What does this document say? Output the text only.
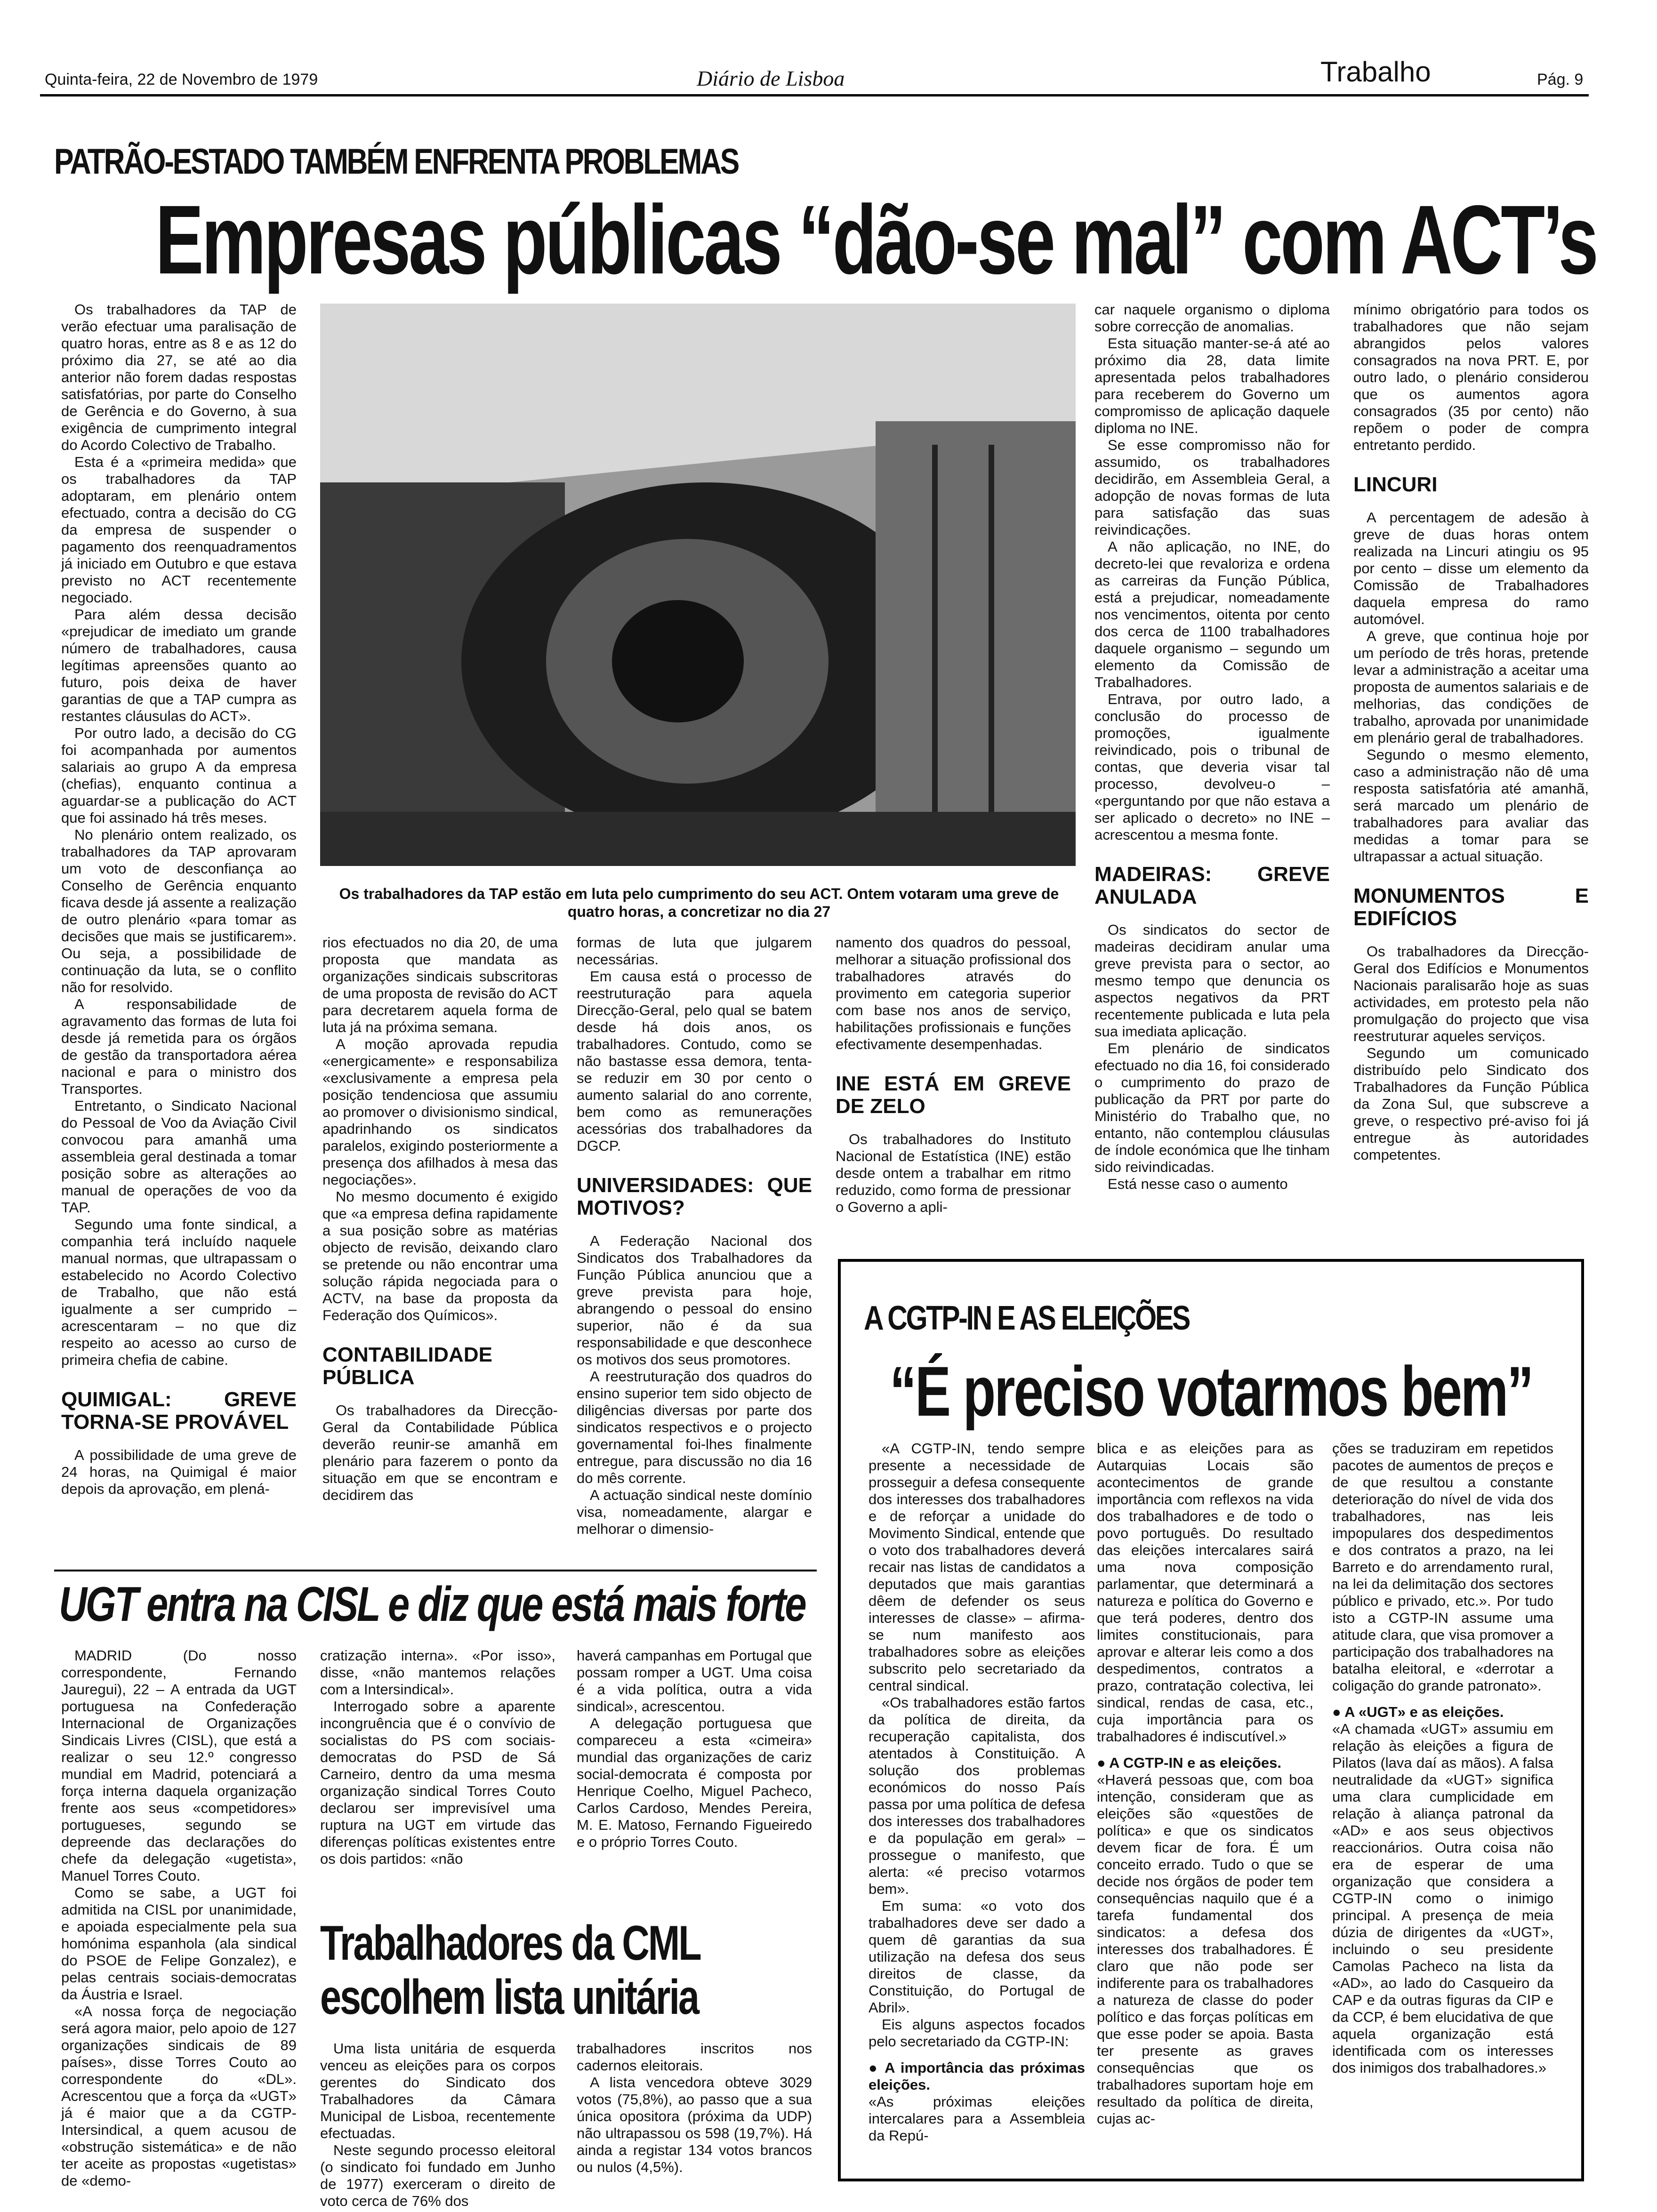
Quinta-feira, 22 de Novembro de 1979	Diário de Lisboa	Trabalho	Pág. 9
PATRÃO-ESTADO TAMBÉM ENFRENTA PROBLEMAS
Empresas públicas “dão-se mal” com ACT’s

Os trabalhadores da TAP de verão efectuar uma paralisação de quatro horas, entre as 8 e as 12 do próximo dia 27, se até ao dia anterior não forem dadas respostas satisfatórias, por parte do Conselho de Gerência e do Governo, à sua exigência de cumprimento integral do Acordo Colectivo de Trabalho.

Esta é a «primeira medida» que os trabalhadores da TAP adoptaram, em plenário ontem efectuado, contra a decisão do CG da empresa de suspender o pagamento dos reenquadramentos já iniciado em Outubro e que estava previsto no ACT recentemente negociado.

Para além dessa decisão «prejudicar de imediato um grande número de trabalhadores, causa legítimas apreensões quanto ao futuro, pois deixa de haver garantias de que a TAP cumpra as restantes cláusulas do ACT».

Por outro lado, a decisão do CG foi acompanhada por aumentos salariais ao grupo A da empresa (chefias), enquanto continua a aguardar-se a publicação do ACT que foi assinado há três meses.

No plenário ontem realizado, os trabalhadores da TAP aprovaram um voto de desconfiança ao Conselho de Gerência enquanto ficava desde já assente a realização de outro plenário «para tomar as decisões que mais se justificarem». Ou seja, a possibilidade de continuação da luta, se o conflito não for resolvido.

A responsabilidade de agravamento das formas de luta foi desde já remetida para os órgãos de gestão da transportadora aérea nacional e para o ministro dos Transportes.

Entretanto, o Sindicato Nacional do Pessoal de Voo da Aviação Civil convocou para amanhã uma assembleia geral destinada a tomar posição sobre as alterações ao manual de operações de voo da TAP.

Segundo uma fonte sindical, a companhia terá incluído naquele manual normas, que ultrapassam o estabelecido no Acordo Colectivo de Trabalho, que não está igualmente a ser cumprido – acrescentaram – no que diz respeito ao acesso ao curso de primeira chefia de cabine.

QUIMIGAL: GREVE TORNA-SE PROVÁVEL

A possibilidade de uma greve de 24 horas, na Quimigal é maior depois da aprovação, em plená-

Os trabalhadores da TAP estão em luta pelo cumprimento do seu ACT. Ontem votaram uma greve de quatro horas, a concretizar no dia 27

rios efectuados no dia 20, de uma proposta que mandata as organizações sindicais subscritoras de uma proposta de revisão do ACT para decretarem aquela forma de luta já na próxima semana.

A moção aprovada repudia «energicamente» e responsabiliza «exclusivamente a empresa pela posição tendenciosa que assumiu ao promover o divisionismo sindical, apadrinhando os sindicatos paralelos, exigindo posteriormente a presença dos afilhados à mesa das negociações».

No mesmo documento é exigido que «a empresa defina rapidamente a sua posição sobre as matérias objecto de revisão, deixando claro se pretende ou não encontrar uma solução rápida negociada para o ACTV, na base da proposta da Federação dos Químicos».

CONTABILIDADE PÚBLICA

Os trabalhadores da Direcção-Geral da Contabilidade Pública deverão reunir-se amanhã em plenário para fazerem o ponto da situação em que se encontram e decidirem das

formas de luta que julgarem necessárias.

Em causa está o processo de reestruturação para aquela Direcção-Geral, pelo qual se batem desde há dois anos, os trabalhadores. Contudo, como se não bastasse essa demora, tenta-se reduzir em 30 por cento o aumento salarial do ano corrente, bem como as remunerações acessórias dos trabalhadores da DGCP.

UNIVERSIDADES: QUE MOTIVOS?

A Federação Nacional dos Sindicatos dos Trabalhadores da Função Pública anunciou que a greve prevista para hoje, abrangendo o pessoal do ensino superior, não é da sua responsabilidade e que desconhece os motivos dos seus promotores.

A reestruturação dos quadros do ensino superior tem sido objecto de diligências diversas por parte dos sindicatos respectivos e o projecto governamental foi-lhes finalmente entregue, para discussão no dia 16 do mês corrente.

A actuação sindical neste domínio visa, nomeadamente, alargar e melhorar o dimensio-

namento dos quadros do pessoal, melhorar a situação profissional dos trabalhadores através do provimento em categoria superior com base nos anos de serviço, habilitações profissionais e funções efectivamente desempenhadas.

INE ESTÁ EM GREVE DE ZELO

Os trabalhadores do Instituto Nacional de Estatística (INE) estão desde ontem a trabalhar em ritmo reduzido, como forma de pressionar o Governo a apli-

car naquele organismo o diploma sobre correcção de anomalias.

Esta situação manter-se-á até ao próximo dia 28, data limite apresentada pelos trabalhadores para receberem do Governo um compromisso de aplicação daquele diploma no INE.

Se esse compromisso não for assumido, os trabalhadores decidirão, em Assembleia Geral, a adopção de novas formas de luta para satisfação das suas reivindicações.

A não aplicação, no INE, do decreto-lei que revaloriza e ordena as carreiras da Função Pública, está a prejudicar, nomeadamente nos vencimentos, oitenta por cento dos cerca de 1100 trabalhadores daquele organismo – segundo um elemento da Comissão de Trabalhadores.

Entrava, por outro lado, a conclusão do processo de promoções, igualmente reivindicado, pois o tribunal de contas, que deveria visar tal processo, devolveu-o – «perguntando por que não estava a ser aplicado o decreto» no INE – acrescentou a mesma fonte.

MADEIRAS: GREVE ANULADA

Os sindicatos do sector de madeiras decidiram anular uma greve prevista para o sector, ao mesmo tempo que denuncia os aspectos negativos da PRT recentemente publicada e luta pela sua imediata aplicação.

Em plenário de sindicatos efectuado no dia 16, foi considerado o cumprimento do prazo de publicação da PRT por parte do Ministério do Trabalho que, no entanto, não contemplou cláusulas de índole económica que lhe tinham sido reivindicadas.

Está nesse caso o aumento

mínimo obrigatório para todos os trabalhadores que não sejam abrangidos pelos valores consagrados na nova PRT. E, por outro lado, o plenário considerou que os aumentos agora consagrados (35 por cento) não repõem o poder de compra entretanto perdido.

LINCURI

A percentagem de adesão à greve de duas horas ontem realizada na Lincuri atingiu os 95 por cento – disse um elemento da Comissão de Trabalhadores daquela empresa do ramo automóvel.

A greve, que continua hoje por um período de três horas, pretende levar a administração a aceitar uma proposta de aumentos salariais e de melhorias, das condições de trabalho, aprovada por unanimidade em plenário geral de trabalhadores.

Segundo o mesmo elemento, caso a administração não dê uma resposta satisfatória até amanhã, será marcado um plenário de trabalhadores para avaliar das medidas a tomar para se ultrapassar a actual situação.

MONUMENTOS E EDIFÍCIOS

Os trabalhadores da Direcção-Geral dos Edifícios e Monumentos Nacionais paralisarão hoje as suas actividades, em protesto pela não promulgação do projecto que visa reestruturar aqueles serviços.

Segundo um comunicado distribuído pelo Sindicato dos Trabalhadores da Função Pública da Zona Sul, que subscreve a greve, o respectivo pré-aviso foi já entregue às autoridades competentes.

UGT entra na CISL e diz que está mais forte

MADRID (Do nosso correspondente, Fernando Jauregui), 22 – A entrada da UGT portuguesa na Confederação Internacional de Organizações Sindicais Livres (CISL), que está a realizar o seu 12.º congresso mundial em Madrid, potenciará a força interna daquela organização frente aos seus «competidores» portugueses, segundo se depreende das declarações do chefe da delegação «ugetista», Manuel Torres Couto.

Como se sabe, a UGT foi admitida na CISL por unanimidade, e apoiada especialmente pela sua homónima espanhola (ala sindical do PSOE de Felipe Gonzalez), e pelas centrais sociais-democratas da Áustria e Israel.

«A nossa força de negociação será agora maior, pelo apoio de 127 organizações sindicais de 89 países», disse Torres Couto ao correspondente do «DL». Acrescentou que a força da «UGT» já é maior que a da CGTP-Intersindical, a quem acusou de «obstrução sistemática» e de não ter aceite as propostas «ugetistas» de «demo-

cratização interna». «Por isso», disse, «não mantemos relações com a Intersindical».

Interrogado sobre a aparente incongruência que é o convívio de socialistas do PS com sociais-democratas do PSD de Sá Carneiro, dentro da uma mesma organização sindical Torres Couto declarou ser imprevisível uma ruptura na UGT em virtude das diferenças políticas existentes entre os dois partidos: «não

haverá campanhas em Portugal que possam romper a UGT. Uma coisa é a vida política, outra a vida sindical», acrescentou.

A delegação portuguesa que compareceu a esta «cimeira» mundial das organizações de cariz social-democrata é composta por Henrique Coelho, Miguel Pacheco, Carlos Cardoso, Mendes Pereira, M. E. Matoso, Fernando Figueiredo e o próprio Torres Couto.

Trabalhadores da CML
escolhem lista unitária

Uma lista unitária de esquerda venceu as eleições para os corpos gerentes do Sindicato dos Trabalhadores da Câmara Municipal de Lisboa, recentemente efectuadas.

Neste segundo processo eleitoral (o sindicato foi fundado em Junho de 1977) exerceram o direito de voto cerca de 76% dos

trabalhadores inscritos nos cadernos eleitorais.

A lista vencedora obteve 3029 votos (75,8%), ao passo que a sua única opositora (próxima da UDP) não ultrapassou os 598 (19,7%). Há ainda a registar 134 votos brancos ou nulos (4,5%).

A CGTP-IN E AS ELEIÇÕES
“É preciso votarmos bem”

«A CGTP-IN, tendo sempre presente a necessidade de prosseguir a defesa consequente dos interesses dos trabalhadores e de reforçar a unidade do Movimento Sindical, entende que o voto dos trabalhadores deverá recair nas listas de candidatos a deputados que mais garantias dêem de defender os seus interesses de classe» – afirma-se num manifesto aos trabalhadores sobre as eleições subscrito pelo secretariado da central sindical.

«Os trabalhadores estão fartos da política de direita, da recuperação capitalista, dos atentados à Constituição. A solução dos problemas económicos do nosso País passa por uma política de defesa dos interesses dos trabalhadores e da população em geral» – prossegue o manifesto, que alerta: «é preciso votarmos bem».

Em suma: «o voto dos trabalhadores deve ser dado a quem dê garantias da sua utilização na defesa dos seus direitos de classe, da Constituição, do Portugal de Abril».

Eis alguns aspectos focados pelo secretariado da CGTP-IN:

● A importância das próximas eleições.

«As próximas eleições intercalares para a Assembleia da Repú-

blica e as eleições para as Autarquias Locais são acontecimentos de grande importância com reflexos na vida dos trabalhadores e de todo o povo português. Do resultado das eleições intercalares sairá uma nova composição parlamentar, que determinará a natureza e política do Governo e que terá poderes, dentro dos limites constitucionais, para aprovar e alterar leis como a dos despedimentos, contratos a prazo, contratação colectiva, lei sindical, rendas de casa, etc., cuja importância para os trabalhadores é indiscutível.»

● A CGTP-IN e as eleições.

«Haverá pessoas que, com boa intenção, consideram que as eleições são «questões de política» e que os sindicatos devem ficar de fora. É um conceito errado. Tudo o que se decide nos órgãos de poder tem consequências naquilo que é a tarefa fundamental dos sindicatos: a defesa dos interesses dos trabalhadores. É claro que não pode ser indiferente para os trabalhadores a natureza de classe do poder político e das forças políticas em que esse poder se apoia. Basta ter presente as graves consequências que os trabalhadores suportam hoje em resultado da política de direita, cujas ac-

ções se traduziram em repetidos pacotes de aumentos de preços e de que resultou a constante deterioração do nível de vida dos trabalhadores, nas leis impopulares dos despedimentos e dos contratos a prazo, na lei Barreto e do arrendamento rural, na lei da delimitação dos sectores público e privado, etc.». Por tudo isto a CGTP-IN assume uma atitude clara, que visa promover a participação dos trabalhadores na batalha eleitoral, e «derrotar a coligação do grande patronato».

● A «UGT» e as eleições.

«A chamada «UGT» assumiu em relação às eleições a figura de Pilatos (lava daí as mãos). A falsa neutralidade da «UGT» significa uma clara cumplicidade em relação à aliança patronal da «AD» e aos seus objectivos reaccionários. Outra coisa não era de esperar de uma organização que considera a CGTP-IN como o inimigo principal. A presença de meia dúzia de dirigentes da «UGT», incluindo o seu presidente Camolas Pacheco na lista da «AD», ao lado do Casqueiro da CAP e da outras figuras da CIP e da CCP, é bem elucidativa de que aquela organização está identificada com os interesses dos inimigos dos trabalhadores.»
